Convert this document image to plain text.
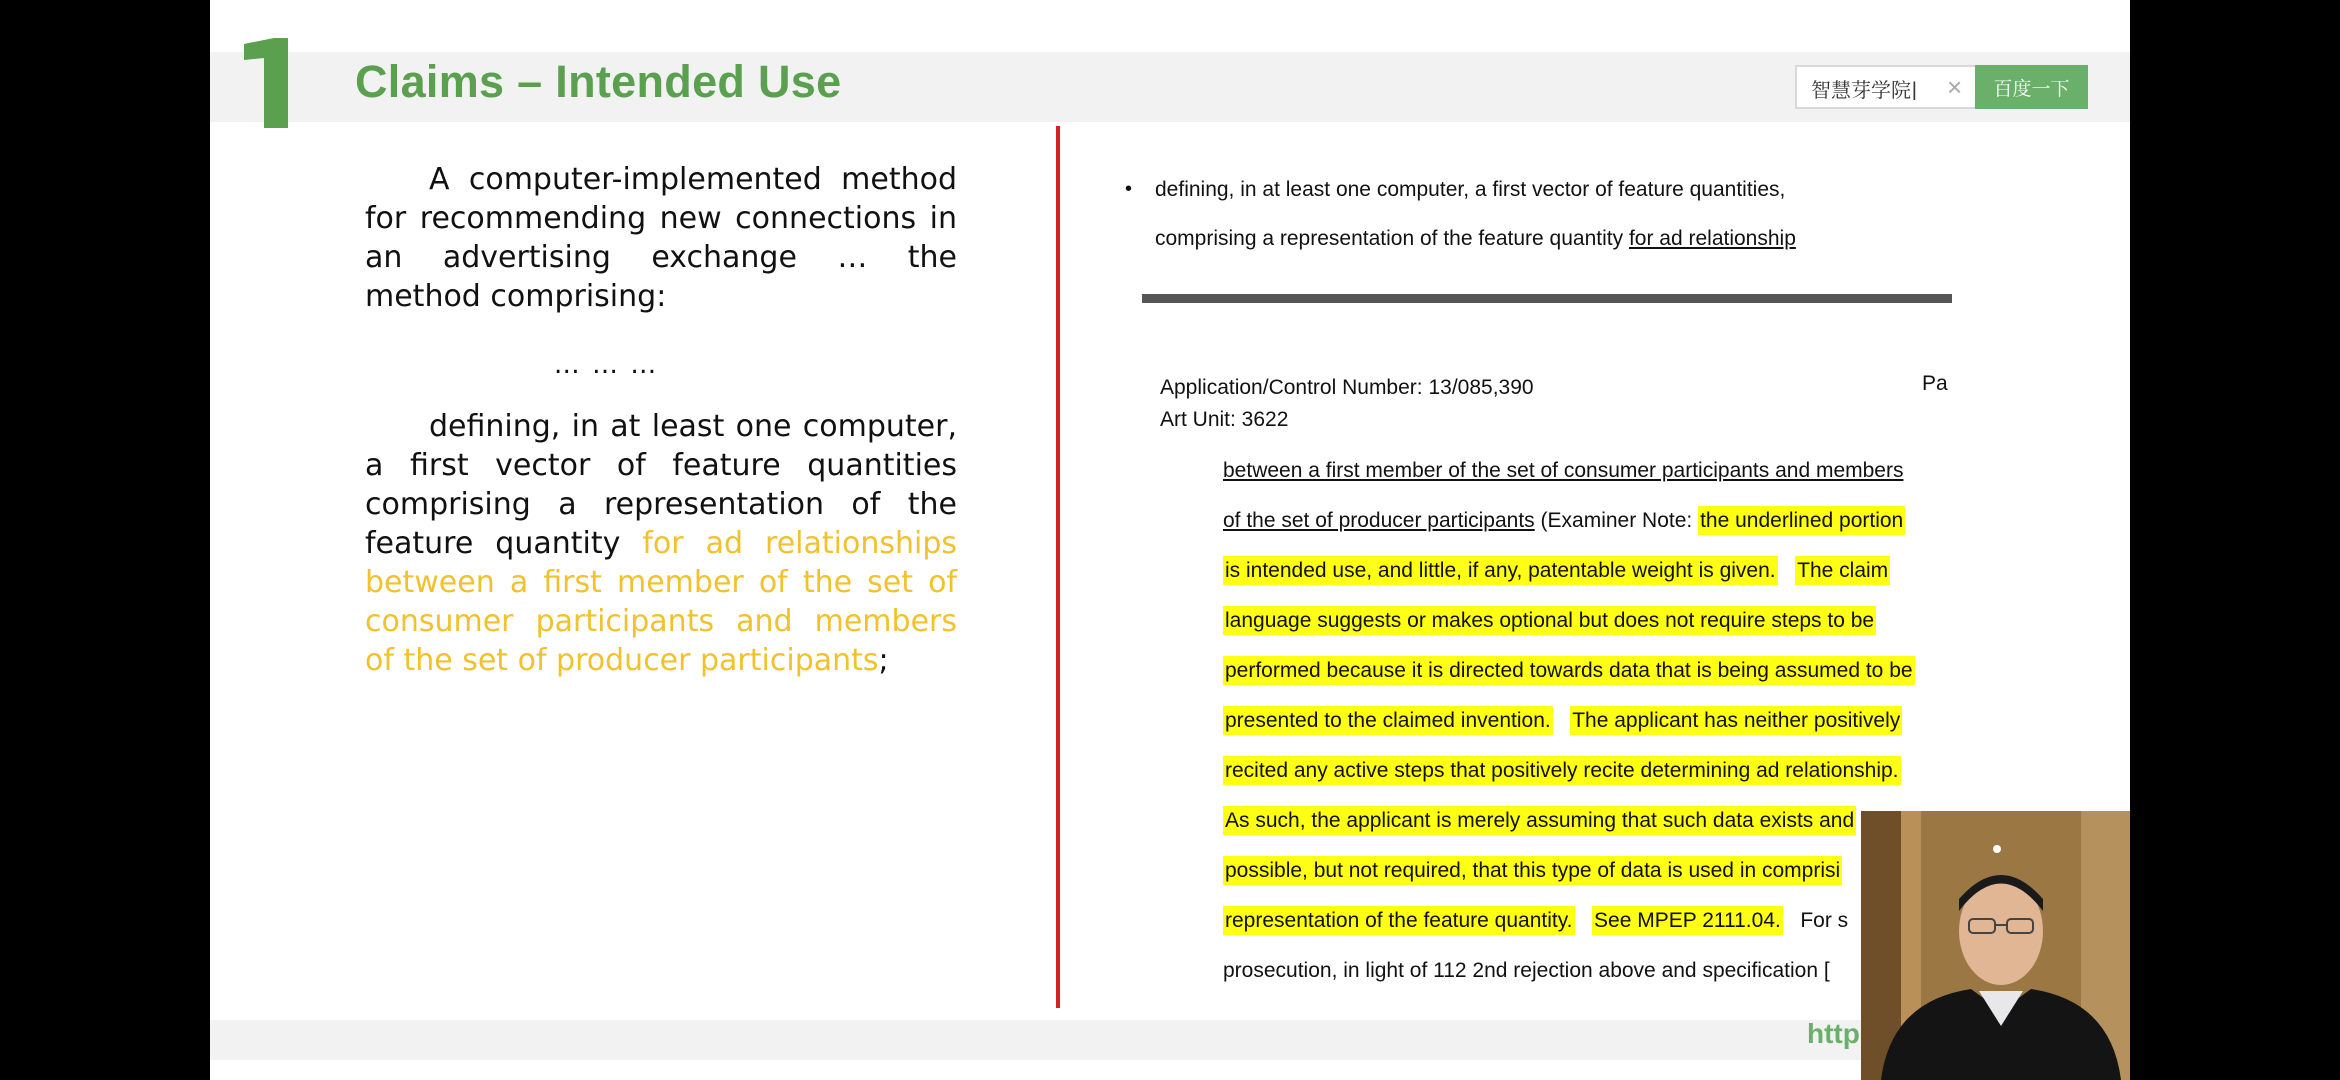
Claims – Intended Use
智慧芽学院|	×	百度一下

A computer-implemented method for recommending new connections in an advertising exchange … the method comprising:

… … …

defining, in at least one computer, a first vector of feature quantities comprising a representation of the feature quantity for ad relationships between a first member of the set of consumer participants and members of the set of producer participants;

• defining, in at least one computer, a first vector of feature quantities,
comprising a representation of the feature quantity for ad relationship
Application/Control Number: 13/085,390
Art Unit: 3622
Pa
between a first member of the set of consumer participants and members
of the set of producer participants (Examiner Note: the underlined portion
is intended use, and little, if any, patentable weight is given. The claim
language suggests or makes optional but does not require steps to be
performed because it is directed towards data that is being assumed to be
presented to the claimed invention. The applicant has neither positively
recited any active steps that positively recite determining ad relationship.
As such, the applicant is merely assuming that such data exists and
possible, but not required, that this type of data is used in comprisi
representation of the feature quantity. See MPEP 2111.04. For s
prosecution, in light of 112 2nd rejection above and specification [
http
